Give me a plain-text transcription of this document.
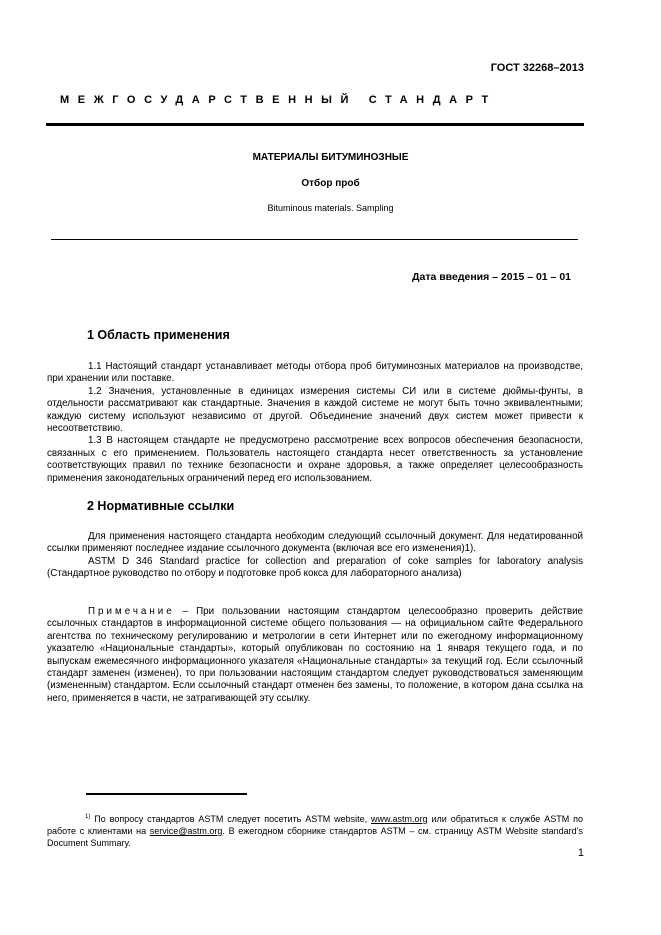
ГОСТ 32268–2013
МЕЖГОСУДАРСТВЕННЫЙ СТАНДАРТ
МАТЕРИАЛЫ БИТУМИНОЗНЫЕ
Отбор проб
Bituminous materials. Sampling
Дата введения – 2015 – 01 – 01
1 Область применения

1.1 Настоящий стандарт устанавливает методы отбора проб битуминозных материалов на производстве, при хранении или поставке.

1.2 Значения, установленные в единицах измерения системы СИ или в системе дюймы-фунты, в отдельности рассматривают как стандартные. Значения в каждой системе не могут быть точно эквивалентными; каждую систему используют независимо от другой. Объединение значений двух систем может привести к несоответствию.

1.3 В настоящем стандарте не предусмотрено рассмотрение всех вопросов обеспечения безопасности, связанных с его применением. Пользователь настоящего стандарта несет ответственность за установление соответствующих правил по технике безопасности и охране здоровья, а также определяет целесообразность применения законодательных ограничений перед его использованием.

2 Нормативные ссылки

Для применения настоящего стандарта необходим следующий ссылочный документ. Для недатированной ссылки применяют последнее издание ссылочного документа (включая все его изменения)1).

ASTM D 346 Standard practice for collection and preparation of coke samples for laboratory analysis (Стандартное руководство по отбору и подготовке проб кокса для лабораторного анализа)

Примечание – При пользовании настоящим стандартом целесообразно проверить действие ссылочных стандартов в информационной системе общего пользования — на официальном сайте Федерального агентства по техническому регулированию и метрологии в сети Интернет или по ежегодному информационному указателю «Национальные стандарты», который опубликован по состоянию на 1 января текущего года, и по выпускам ежемесячного информационного указателя «Национальные стандарты» за текущий год. Если ссылочный стандарт заменен (изменен), то при пользовании настоящим стандартом следует руководствоваться заменяющим (измененным) стандартом. Если ссылочный стандарт отменен без замены, то положение, в котором дана ссылка на него, применяется в части, не затрагивающей эту ссылку.

$^{1)}$ По вопросу стандартов ASTM следует посетить ASTM website, www.astm.org или обратиться к службе ASTM по работе с клиентами на service@astm.org. В ежегодном сборнике стандартов ASTM – см. страницу ASTM Website standard’s Document Summary.

1
